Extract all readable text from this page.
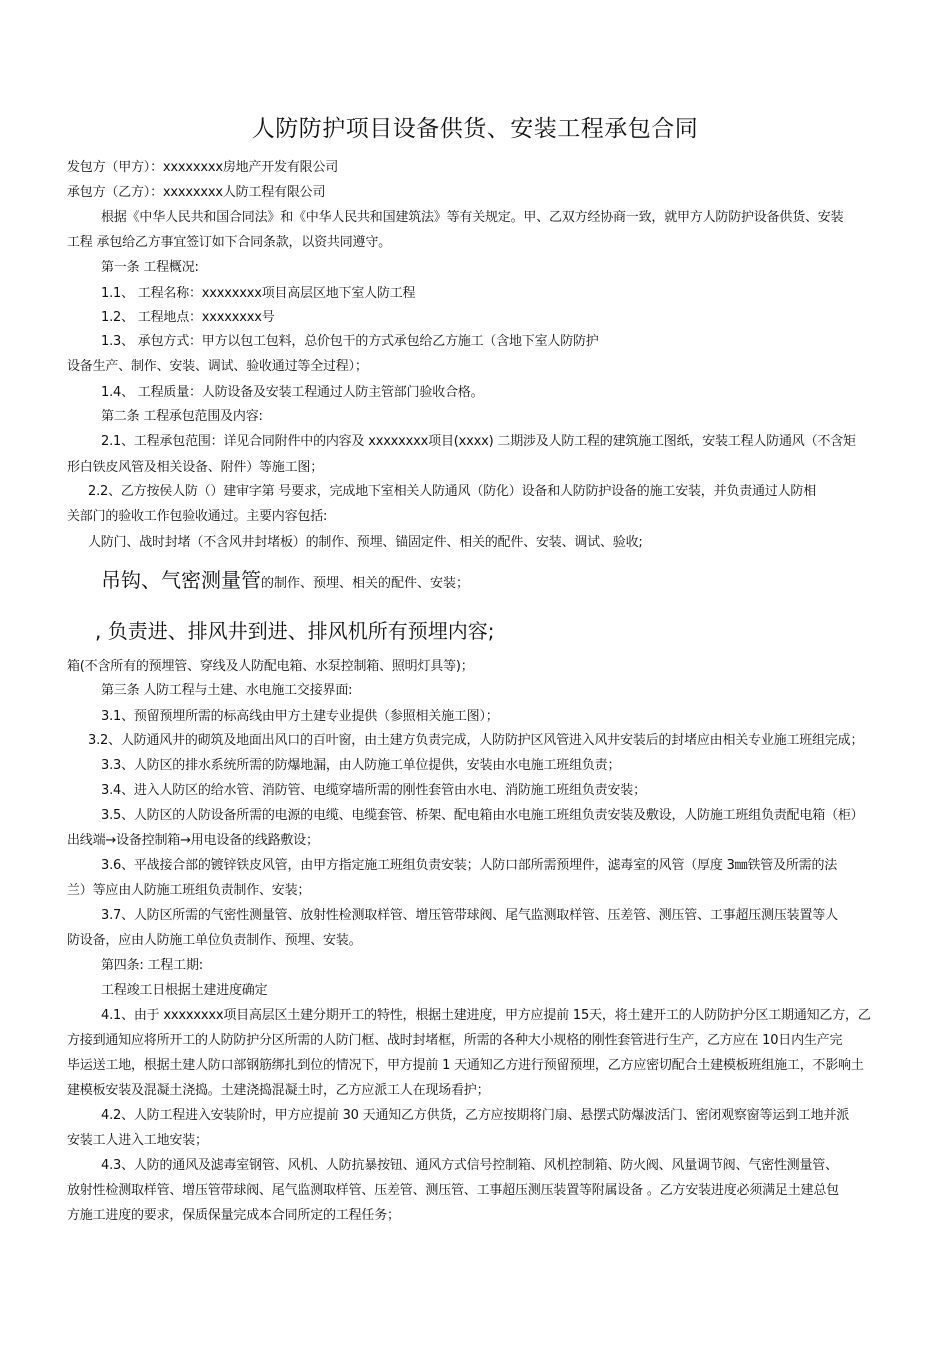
人防防护项目设备供货、安装工程承包合同
发包方（甲方）：xxxxxxxx房地产开发有限公司
承包方（乙方）：xxxxxxxx人防工程有限公司
根据《中华人民共和国合同法》和《中华人民共和国建筑法》等有关规定。甲、乙双方经协商一致，就甲方人防防护设备供货、安装
工程 承包给乙方事宜签订如下合同条款，以资共同遵守。
第一条 工程概况:
1.1、 工程名称：xxxxxxxx项目高层区地下室人防工程
1.2、 工程地点：xxxxxxxx号
1.3、 承包方式：甲方以包工包料，总价包干的方式承包给乙方施工（含地下室人防防护
设备生产、制作、安装、调试、验收通过等全过程）；
1.4、 工程质量：人防设备及安装工程通过人防主管部门验收合格。
第二条 工程承包范围及内容:
2.1、工程承包范围：详见合同附件中的内容及 xxxxxxxx项目(xxxx) 二期涉及人防工程的建筑施工图纸，安装工程人防通风（不含矩
形白铁皮风管及相关设备、附件）等施工图；
2.2、乙方按侯人防（）建审字第 号要求，完成地下室相关人防通风（防化）设备和人防防护设备的施工安装，并负责通过人防相
关部门的验收工作包验收通过。主要内容包括:
人防门、战时封堵（不含风井封堵板）的制作、预埋、锚固定件、相关的配件、安装、调试、验收;
吊钩、气密测量管的制作、预埋、相关的配件、安装；
, 负责进、排风井到进、排风机所有预埋内容;
箱(不含所有的预埋管、穿线及人防配电箱、水泵控制箱、照明灯具等)；
第三条 人防工程与土建、水电施工交接界面:
3.1、预留预埋所需的标高线由甲方土建专业提供（参照相关施工图）；
3.2、人防通风井的砌筑及地面出风口的百叶窗，由土建方负责完成，人防防护区风管进入风井安装后的封堵应由相关专业施工班组完成；
3.3、人防区的排水系统所需的防爆地漏，由人防施工单位提供，安装由水电施工班组负责；
3.4、进入人防区的给水管、消防管、电缆穿墙所需的刚性套管由水电、消防施工班组负责安装；
3.5、人防区的人防设备所需的电源的电缆、电缆套管、桥架、配电箱由水电施工班组负责安装及敷设，人防施工班组负责配电箱（柜）
出线端→设备控制箱→用电设备的线路敷设；
3.6、平战接合部的镀锌铁皮风管，由甲方指定施工班组负责安装；人防口部所需预埋件，滤毒室的风管（厚度 3㎜铁管及所需的法
兰）等应由人防施工班组负责制作、安装；
3.7、人防区所需的气密性测量管、放射性检测取样管、增压管带球阀、尾气监测取样管、压差管、测压管、工事超压测压装置等人
防设备，应由人防施工单位负责制作、预埋、安装。
第四条: 工程工期:
工程竣工日根据土建进度确定
4.1、由于 xxxxxxxx项目高层区土建分期开工的特性，根据土建进度，甲方应提前 15天，将土建开工的人防防护分区工期通知乙方，乙
方接到通知应将所开工的人防防护分区所需的人防门框、战时封堵框，所需的各种大小规格的刚性套管进行生产，乙方应在 10日内生产完
毕运送工地，根据土建人防口部钢筋绑扎到位的情况下，甲方提前 1 天通知乙方进行预留预埋，乙方应密切配合土建模板班组施工，不影响土
建模板安装及混凝土浇捣。土建浇捣混凝土时，乙方应派工人在现场看护；
4.2、人防工程进入安装阶时，甲方应提前 30 天通知乙方供货，乙方应按期将门扇、悬摆式防爆波活门、密闭观察窗等运到工地并派
安装工人进入工地安装；
4.3、人防的通风及滤毒室钢管、风机、人防抗暴按钮、通风方式信号控制箱、风机控制箱、防火阀、风量调节阀、气密性测量管、
放射性检测取样管、增压管带球阀、尾气监测取样管、压差管、测压管、工事超压测压装置等附属设备 。乙方安装进度必须满足土建总包
方施工进度的要求，保质保量完成本合同所定的工程任务；
